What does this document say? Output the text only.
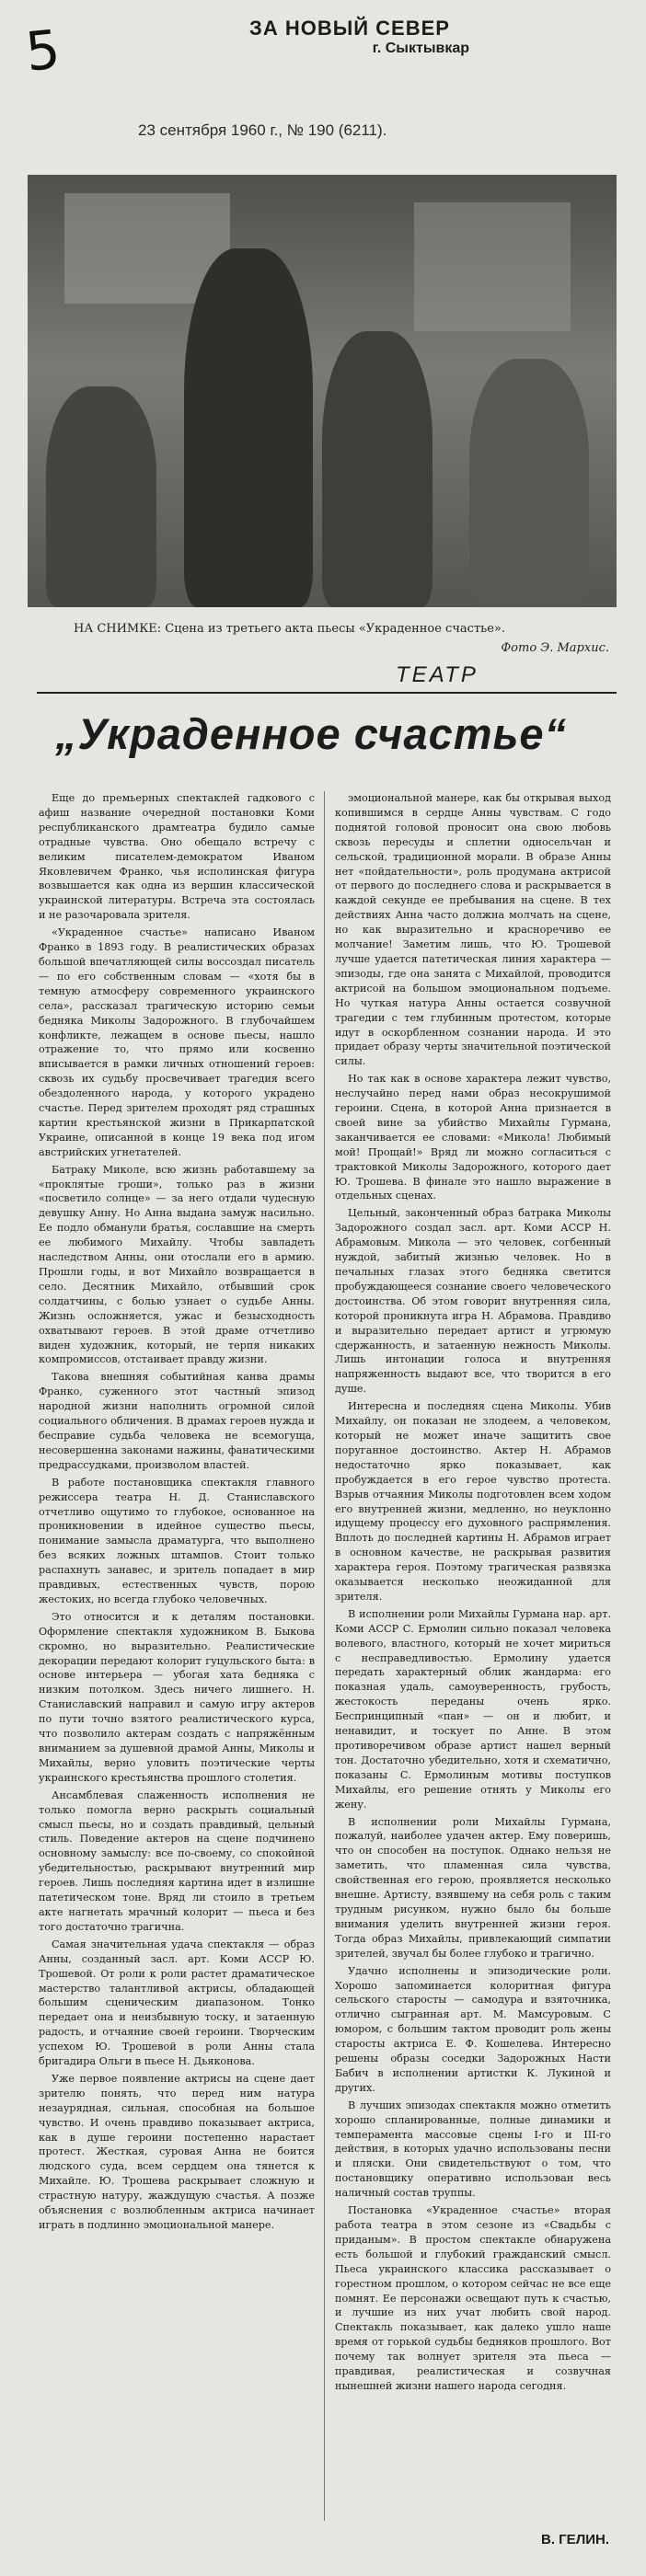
5	ЗА НОВЫЙ СЕВЕР
г. Сыктывкар
23 сентября 1960 г., № 190 (6211).
НА СНИМКЕ: Сцена из третьего акта пьесы «Украденное счастье».
Фото Э. Мархис.
ТЕАТР
„Украденное счастье“

Еще до премьерных спектаклей гадкового с афиш название очередной постановки Коми республиканского драмтеатра будило самые отрадные чувства. Оно обещало встречу с великим писателем-демократом Иваном Яковлевичем Франко, чья исполинская фигура возвышается как одна из вершин классической украинской литературы. Встреча эта состоялась и не разочаровала зрителя.

«Украденное счастье» написано Иваном Франко в 1893 году. В реалистических образах большой впечатляющей силы воссоздал писатель — по его собственным словам — «хотя бы в темную атмосферу современного украинского села», рассказал трагическую историю семьи бедняка Миколы Задорожного. В глубочайшем конфликте, лежащем в основе пьесы, нашло отражение то, что прямо или косвенно вписывается в рамки личных отношений героев: сквозь их судьбу просвечивает трагедия всего обездоленного народа, у которого украдено счастье. Перед зрителем проходят ряд страшных картин крестьянской жизни в Прикарпатской Украине, описанной в конце 19 века под игом австрийских угнетателей.

Батраку Миколе, всю жизнь работавшему за «проклятые гроши», только раз в жизни «посветило солнце» — за него отдали чудесную девушку Анну. Но Анна выдана замуж насильно. Ее подло обманули братья, сославшие на смерть ее любимого Михайлу. Чтобы завладеть наследством Анны, они отослали его в армию. Прошли годы, и вот Михайло возвращается в село. Десятник Михайло, отбывший срок солдатчины, с болью узнает о судьбе Анны. Жизнь осложняется, ужас и безысходность охватывают героев. В этой драме отчетливо виден художник, который, не терпя никаких компромиссов, отстаивает правду жизни.

Такова внешняя событийная канва драмы Франко, суженного этот частный эпизод народной жизни наполнить огромной силой социального обличения. В драмах героев нужда и бесправие судьба человека не всемогуща, несовершенна законами нажины, фанатическими предрассудками, произволом властей.

В работе постановщика спектакля главного режиссера театра Н. Д. Станиславского отчетливо ощутимо то глубокое, основанное на проникновении в идейное существо пьесы, понимание замысла драматурга, что выполнено без всяких ложных штампов. Стоит только распахнуть занавес, и зритель попадает в мир правдивых, естественных чувств, порою жестоких, но всегда глубоко человечных.

Это относится и к деталям постановки. Оформление спектакля художником В. Быкова скромно, но выразительно. Реалистические декорации передают колорит гуцульского быта: в основе интерьера — убогая хата бедняка с низким потолком. Здесь ничего лишнего. Н. Станиславский направил и самую игру актеров по пути точно взятого реалистического курса, что позволило актерам создать с напряжённым вниманием за душевной драмой Анны, Миколы и Михайлы, верно уловить поэтические черты украинского крестьянства прошлого столетия.

Ансамблевая слаженность исполнения не только помогла верно раскрыть социальный смысл пьесы, но и создать правдивый, цельный стиль. Поведение актеров на сцене подчинено основному замыслу: все по-своему, со спокойной убедительностью, раскрывают внутренний мир героев. Лишь последняя картина идет в излишне патетическом тоне. Вряд ли стоило в третьем акте нагнетать мрачный колорит — пьеса и без того достаточно трагична.

Самая значительная удача спектакля — образ Анны, созданный засл. арт. Коми АССР Ю. Трошевой. От роли к роли растет драматическое мастерство талантливой актрисы, обладающей большим сценическим диапазоном. Тонко передает она и неизбывную тоску, и затаенную радость, и отчаяние своей героини. Творческим успехом Ю. Трошевой в роли Анны стала бригадира Ольги в пьесе Н. Дьяконова.

Уже первое появление актрисы на сцене дает зрителю понять, что перед ним натура незаурядная, сильная, способная на большое чувство. И очень правдиво показывает актриса, как в душе героини постепенно нарастает протест. Жесткая, суровая Анна не боится людского суда, всем сердцем она тянется к Михайле. Ю. Трошева раскрывает сложную и страстную натуру, жаждущую счастья. А позже объяснения с возлюбленным актриса начинает играть в подлинно эмоциональной манере.

эмоциональной манере, как бы открывая выход копившимся в сердце Анны чувствам. С годо поднятой головой проносит она свою любовь сквозь пересуды и сплетни односельчан и сельской, традиционной морали. В образе Анны нет «пойдательности», роль продумана актрисой от первого до последнего слова и раскрывается в каждой секунде ее пребывания на сцене. В тех действиях Анна часто должна молчать на сцене, но как выразительно и красноречиво ее молчание! Заметим лишь, что Ю. Трошевой лучше удается патетическая линия характера — эпизоды, где она занята с Михайлой, проводится актрисой на большом эмоциональном подъеме. Но чуткая натура Анны остается созвучной трагедии с тем глубинным протестом, которые идут в оскорбленном сознании народа. И это придает образу черты значительной поэтической силы.

Но так как в основе характера лежит чувство, неслучайно перед нами образ несокрушимой героини. Сцена, в которой Анна признается в своей вине за убийство Михайлы Гурмана, заканчивается ее словами: «Микола! Любимый мой! Прощай!» Вряд ли можно согласиться с трактовкой Миколы Задорожного, которого дает Ю. Трошева. В финале это нашло выражение в отдельных сценах.

Цельный, законченный образ батрака Миколы Задорожного создал засл. арт. Коми АССР Н. Абрамовым. Микола — это человек, согбенный нуждой, забитый жизнью человек. Но в печальных глазах этого бедняка светится пробуждающееся сознание своего человеческого достоинства. Об этом говорит внутренняя сила, которой проникнута игра Н. Абрамова. Правдиво и выразительно передает артист и угрюмую сдержанность, и затаенную нежность Миколы. Лишь интонации голоса и внутренняя напряженность выдают все, что творится в его душе.

Интересна и последняя сцена Миколы. Убив Михайлу, он показан не злодеем, а человеком, который не может иначе защитить свое поруганное достоинство. Актер Н. Абрамов недостаточно ярко показывает, как пробуждается в его герое чувство протеста. Взрыв отчаяния Миколы подготовлен всем ходом его внутренней жизни, медленно, но неуклонно идущему процессу его духовного распрямления. Вплоть до последней картины Н. Абрамов играет в основном качестве, не раскрывая развития характера героя. Поэтому трагическая развязка оказывается несколько неожиданной для зрителя.

В исполнении роли Михайлы Гурмана нар. арт. Коми АССР С. Ермолин сильно показал человека волевого, властного, который не хочет мириться с несправедливостью. Ермолину удается передать характерный облик жандарма: его показная удаль, самоуверенность, грубость, жестокость переданы очень ярко. Беспринципный «пан» — он и любит, и ненавидит, и тоскует по Анне. В этом противоречивом образе артист нашел верный тон. Достаточно убедительно, хотя и схематично, показаны С. Ермолиным мотивы поступков Михайлы, его решение отнять у Миколы его жену.

В исполнении роли Михайлы Гурмана, пожалуй, наиболее удачен актер. Ему поверишь, что он способен на поступок. Однако нельзя не заметить, что пламенная сила чувства, свойственная его герою, проявляется несколько внешне. Артисту, взявшему на себя роль с таким трудным рисунком, нужно было бы больше внимания уделить внутренней жизни героя. Тогда образ Михайлы, привлекающий симпатии зрителей, звучал бы более глубоко и трагично.

Удачно исполнены и эпизодические роли. Хорошо запоминается колоритная фигура сельского старосты — самодура и взяточника, отлично сыгранная арт. М. Мамсуровым. С юмором, с большим тактом проводит роль жены старосты актриса Е. Ф. Кошелева. Интересно решены образы соседки Задорожных Насти Бабич в исполнении артистки К. Лукиной и других.

В лучших эпизодах спектакля можно отметить хорошо спланированные, полные динамики и темперамента массовые сцены I-го и III-го действия, в которых удачно использованы песни и пляски. Они свидетельствуют о том, что постановщику оперативно использован весь наличный состав труппы.

Постановка «Украденное счастье» вторая работа театра в этом сезоне из «Свадьбы с приданым». В простом спектакле обнаружена есть большой и глубокий гражданский смысл. Пьеса украинского классика рассказывает о горестном прошлом, о котором сейчас не все еще помнят. Ее персонажи освещают путь к счастью, и лучшие из них учат любить свой народ. Спектакль показывает, как далеко ушло наше время от горькой судьбы бедняков прошлого. Вот почему так волнует зрителя эта пьеса — правдивая, реалистическая и созвучная нынешней жизни нашего народа сегодня.

В. ГЕЛИН.
